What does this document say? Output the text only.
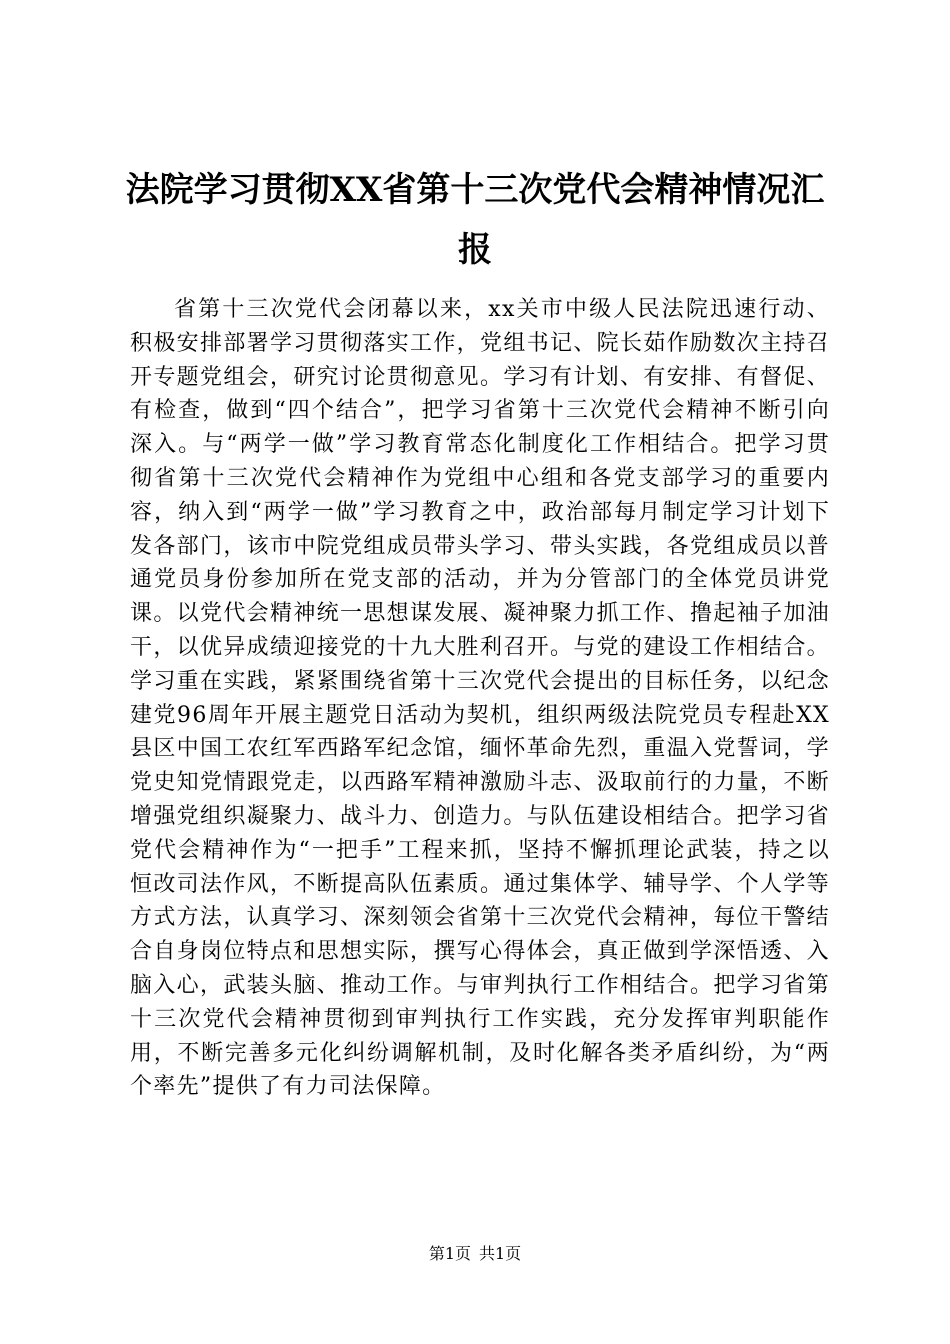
法院学习贯彻XX省第十三次党代会精神情况汇报

省第十三次党代会闭幕以来，xx关市中级人民法院迅速行动、积极安排部署学习贯彻落实工作，党组书记、院长茹作励数次主持召开专题党组会，研究讨论贯彻意见。学习有计划、有安排、有督促、有检查，做到“四个结合”，把学习省第十三次党代会精神不断引向深入。与“两学一做”学习教育常态化制度化工作相结合。把学习贯彻省第十三次党代会精神作为党组中心组和各党支部学习的重要内容，纳入到“两学一做”学习教育之中，政治部每月制定学习计划下发各部门，该市中院党组成员带头学习、带头实践，各党组成员以普通党员身份参加所在党支部的活动，并为分管部门的全体党员讲党课。以党代会精神统一思想谋发展、凝神聚力抓工作、撸起袖子加油干，以优异成绩迎接党的十九大胜利召开。与党的建设工作相结合。学习重在实践，紧紧围绕省第十三次党代会提出的目标任务，以纪念建党96周年开展主题党日活动为契机，组织两级法院党员专程赴XX县区中国工农红军西路军纪念馆，缅怀革命先烈，重温入党誓词，学党史知党情跟党走，以西路军精神激励斗志、汲取前行的力量，不断增强党组织凝聚力、战斗力、创造力。与队伍建设相结合。把学习省党代会精神作为“一把手”工程来抓，坚持不懈抓理论武装，持之以恒改司法作风，不断提高队伍素质。通过集体学、辅导学、个人学等方式方法，认真学习、深刻领会省第十三次党代会精神，每位干警结合自身岗位特点和思想实际，撰写心得体会，真正做到学深悟透、入脑入心，武装头脑、推动工作。与审判执行工作相结合。把学习省第十三次党代会精神贯彻到审判执行工作实践，充分发挥审判职能作用，不断完善多元化纠纷调解机制，及时化解各类矛盾纠纷，为“两个率先”提供了有力司法保障。

第1页 共1页
